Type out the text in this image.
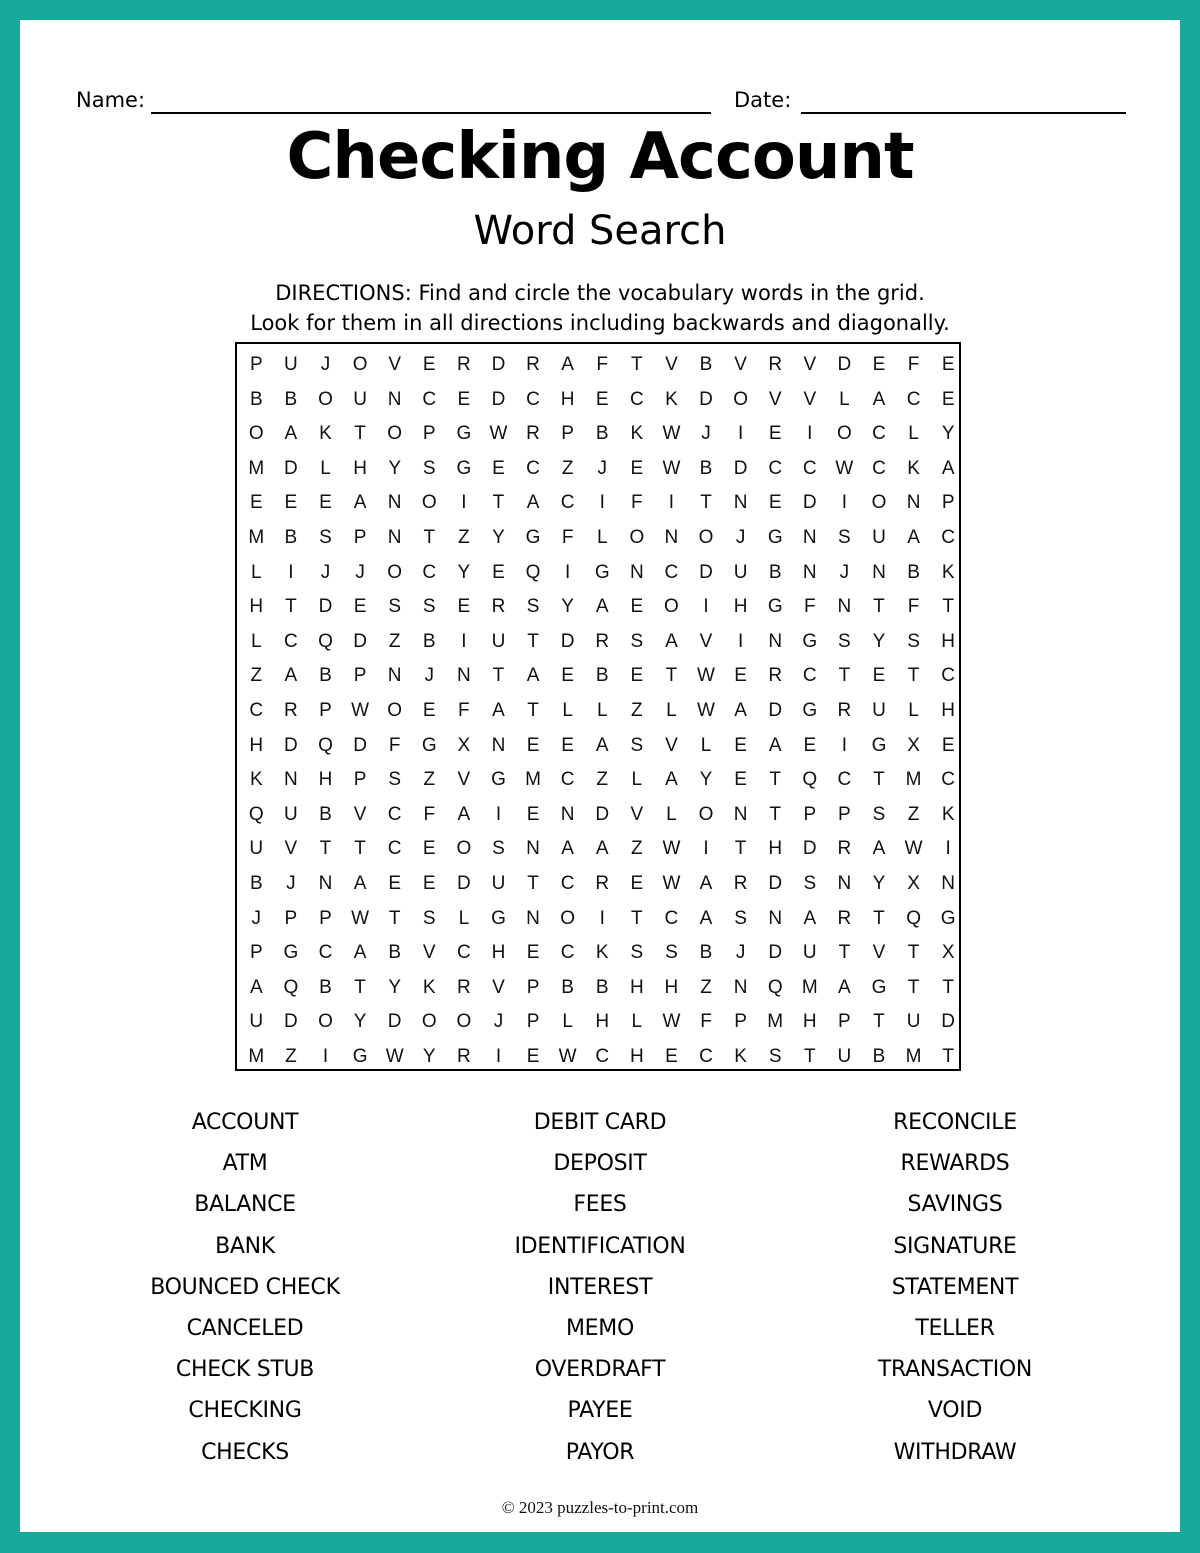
Name:	Date:
Checking Account
Word Search
DIRECTIONS: Find and circle the vocabulary words in the grid.
Look for them in all directions including backwards and diagonally.
P	U	J	O	V	E	R	D	R	A	F	T	V	B	V	R	V	D	E	F	E
B	B	O	U	N	C	E	D	C	H	E	C	K	D	O	V	V	L	A	C	E
O	A	K	T	O	P	G W R	P	B	K	W	J	I	E	I	O	C	L	Y
M	D	L	H	Y	S	G	E	C	Z	J	E	W	B	D	C	C W C	K	A
E	E	E	A	N	O	I	T	A	C	I	F	I	T	N	E	D	I	O	N	P
M	B	S	P	N	T	Z	Y	G	F	L	O	N	O	J	G	N	S	U	A	C
L	I	J	J	O	C	Y	E	Q	I	G	N	C	D	U	B	N	J	N	B	K
H	T	D	E	S	S	E	R	S	Y	A	E	O	I	H	G	F	N	T	F	T
L	C	Q	D	Z	B	I	U	T	D	R	S	A	V	I	N	G	S	Y	S	H
Z	A	B	P	N	J	N	T	A	E	B	E	T	W	E	R	C	T	E	T	C
C	R	P	W O	E	F	A	T	L	L	Z	L	W	A	D	G	R	U	L	H
H	D	Q	D	F	G	X	N	E	E	A	S	V	L	E	A	E	I	G	X	E
K	N	H	P	S	Z	V	G	M	C	Z	L	A	Y	E	T	Q	C	T	M	C
Q	U	B	V	C	F	A	I	E	N	D	V	L	O	N	T	P	P	S	Z	K
U	V	T	T	C	E	O	S	N	A	A	Z	W	I	T	H	D	R	A	W	I
B	J	N	A	E	E	D	U	T	C	R	E	W	A	R	D	S	N	Y	X	N
J	P	P	W	T	S	L	G	N	O	I	T	C	A	S	N	A	R	T	Q	G
P	G	C	A	B	V	C	H	E	C	K	S	S	B	J	D	U	T	V	T	X
A	Q	B	T	Y	K	R	V	P	B	B	H	H	Z	N	Q	M	A	G	T	T
U	D	O	Y	D	O	O	J	P	L	H	L	W	F	P	M	H	P	T	U	D
M	Z	I	G W	Y	R	I	E	W C	H	E	C	K	S	T	U	B	M	T
ACCOUNT
ATM
BALANCE
BANK
BOUNCED CHECK
CANCELED
CHECK STUB
CHECKING
CHECKS
DEBIT CARD
DEPOSIT
FEES
IDENTIFICATION
INTEREST
MEMO
OVERDRAFT
PAYEE
PAYOR
RECONCILE
REWARDS
SAVINGS
SIGNATURE
STATEMENT
TELLER
TRANSACTION
VOID
WITHDRAW
© 2023 puzzles-to-print.com
